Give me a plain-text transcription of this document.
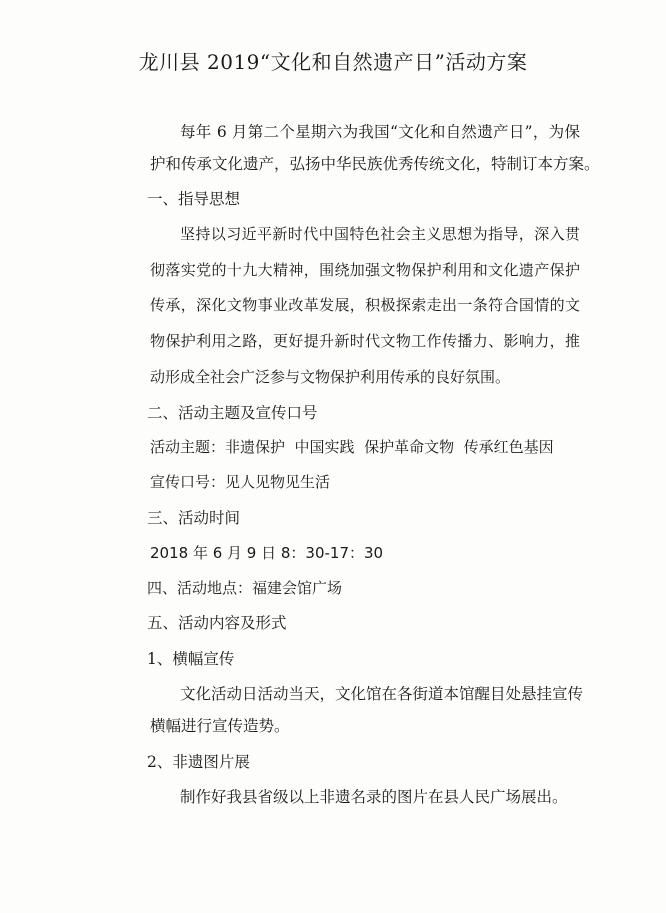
龙川县 2019“文化和自然遗产日”活动方案
每年 6 月第二个星期六为我国“文化和自然遗产日”，为保
护和传承文化遗产，弘扬中华民族优秀传统文化，特制订本方案。
一、指导思想
坚持以习近平新时代中国特色社会主义思想为指导，深入贯
彻落实党的十九大精神，围绕加强文物保护利用和文化遗产保护
传承，深化文物事业改革发展，积极探索走出一条符合国情的文
物保护利用之路，更好提升新时代文物工作传播力、影响力，推
动形成全社会广泛参与文物保护利用传承的良好氛围。
二、活动主题及宣传口号
活动主题：非遗保护  中国实践  保护革命文物  传承红色基因
宣传口号：见人见物见生活
三、活动时间
2018 年 6 月 9 日 8：30-17：30
四、活动地点：福建会馆广场
五、活动内容及形式
1、横幅宣传
文化活动日活动当天，文化馆在各街道本馆醒目处悬挂宣传
横幅进行宣传造势。
2、非遗图片展
制作好我县省级以上非遗名录的图片在县人民广场展出。
